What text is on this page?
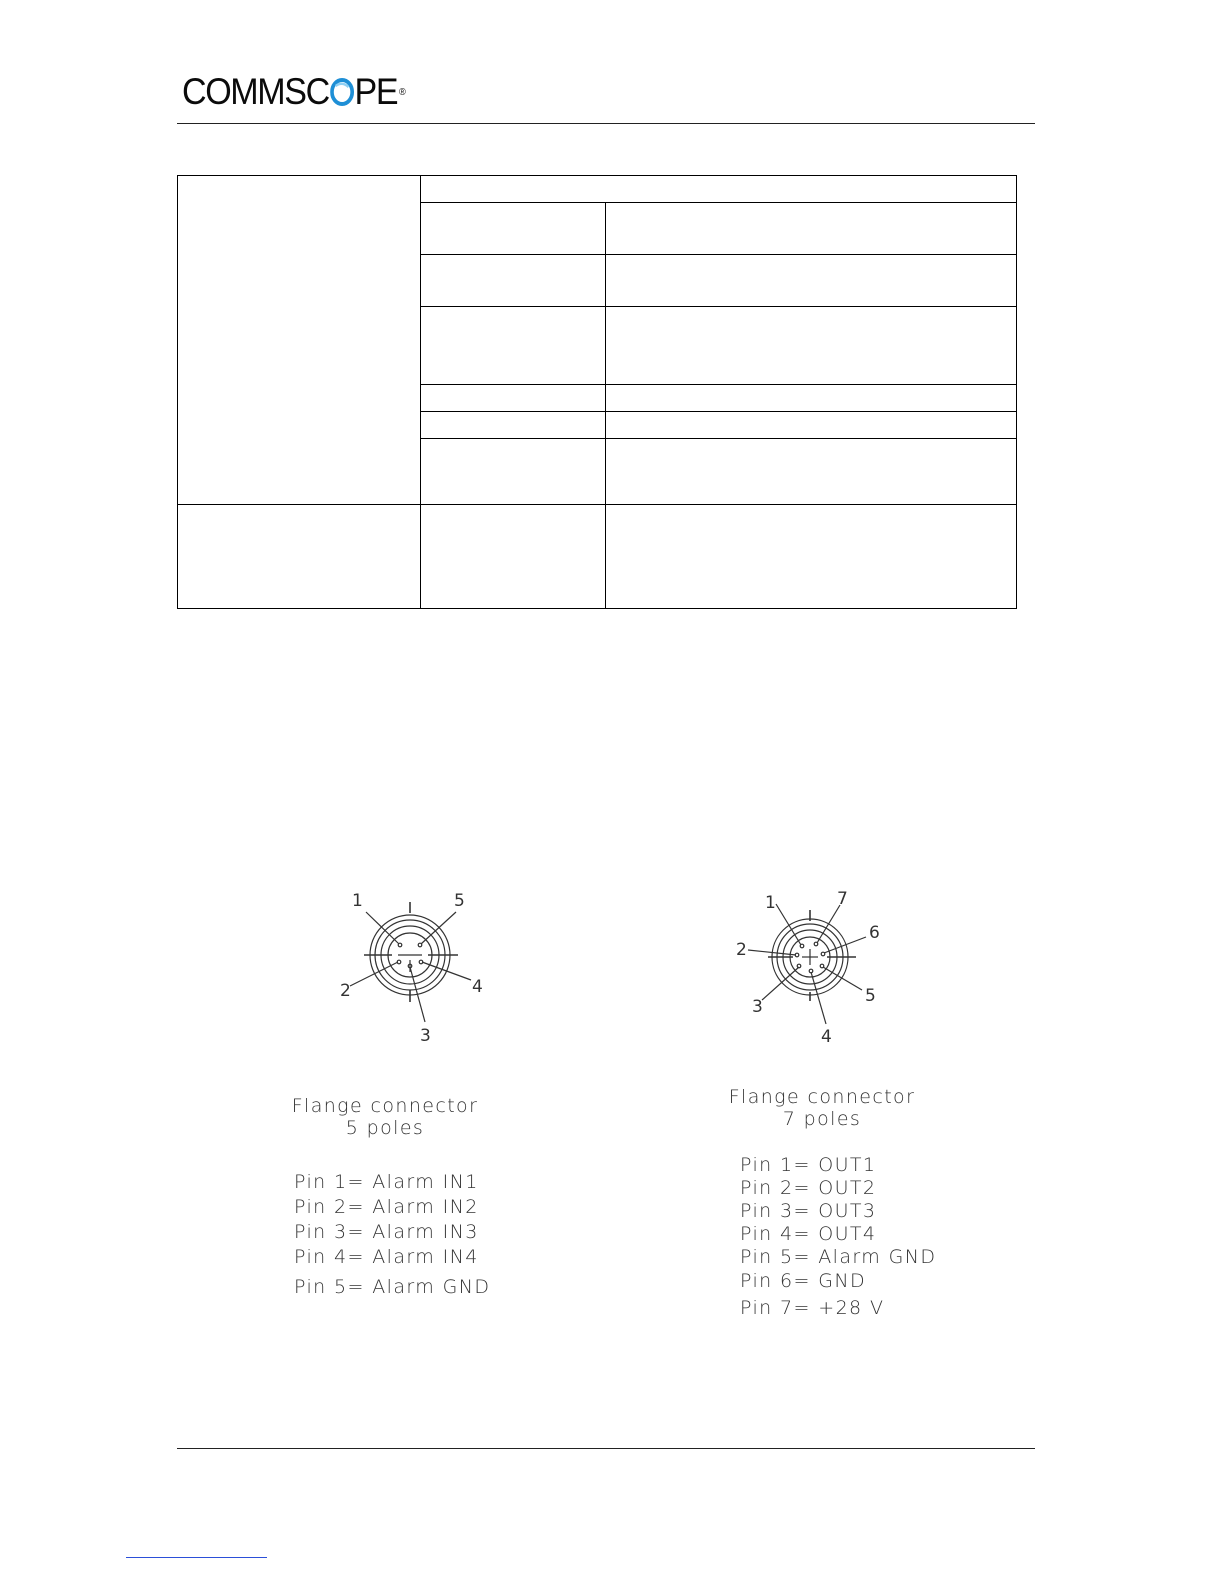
COMMSC PE ®

1
2
3
4
5	1
2
3
4
5
6
7
Flange connector
5 poles
Flange connector
7 poles
Pin 1= Alarm IN1
Pin 2= Alarm IN2
Pin 3= Alarm IN3
Pin 4= Alarm IN4
Pin 5= Alarm GND
Pin 1= OUT1
Pin 2= OUT2
Pin 3= OUT3
Pin 4= OUT4
Pin 5= Alarm GND
Pin 6= GND
Pin 7= +28 V
